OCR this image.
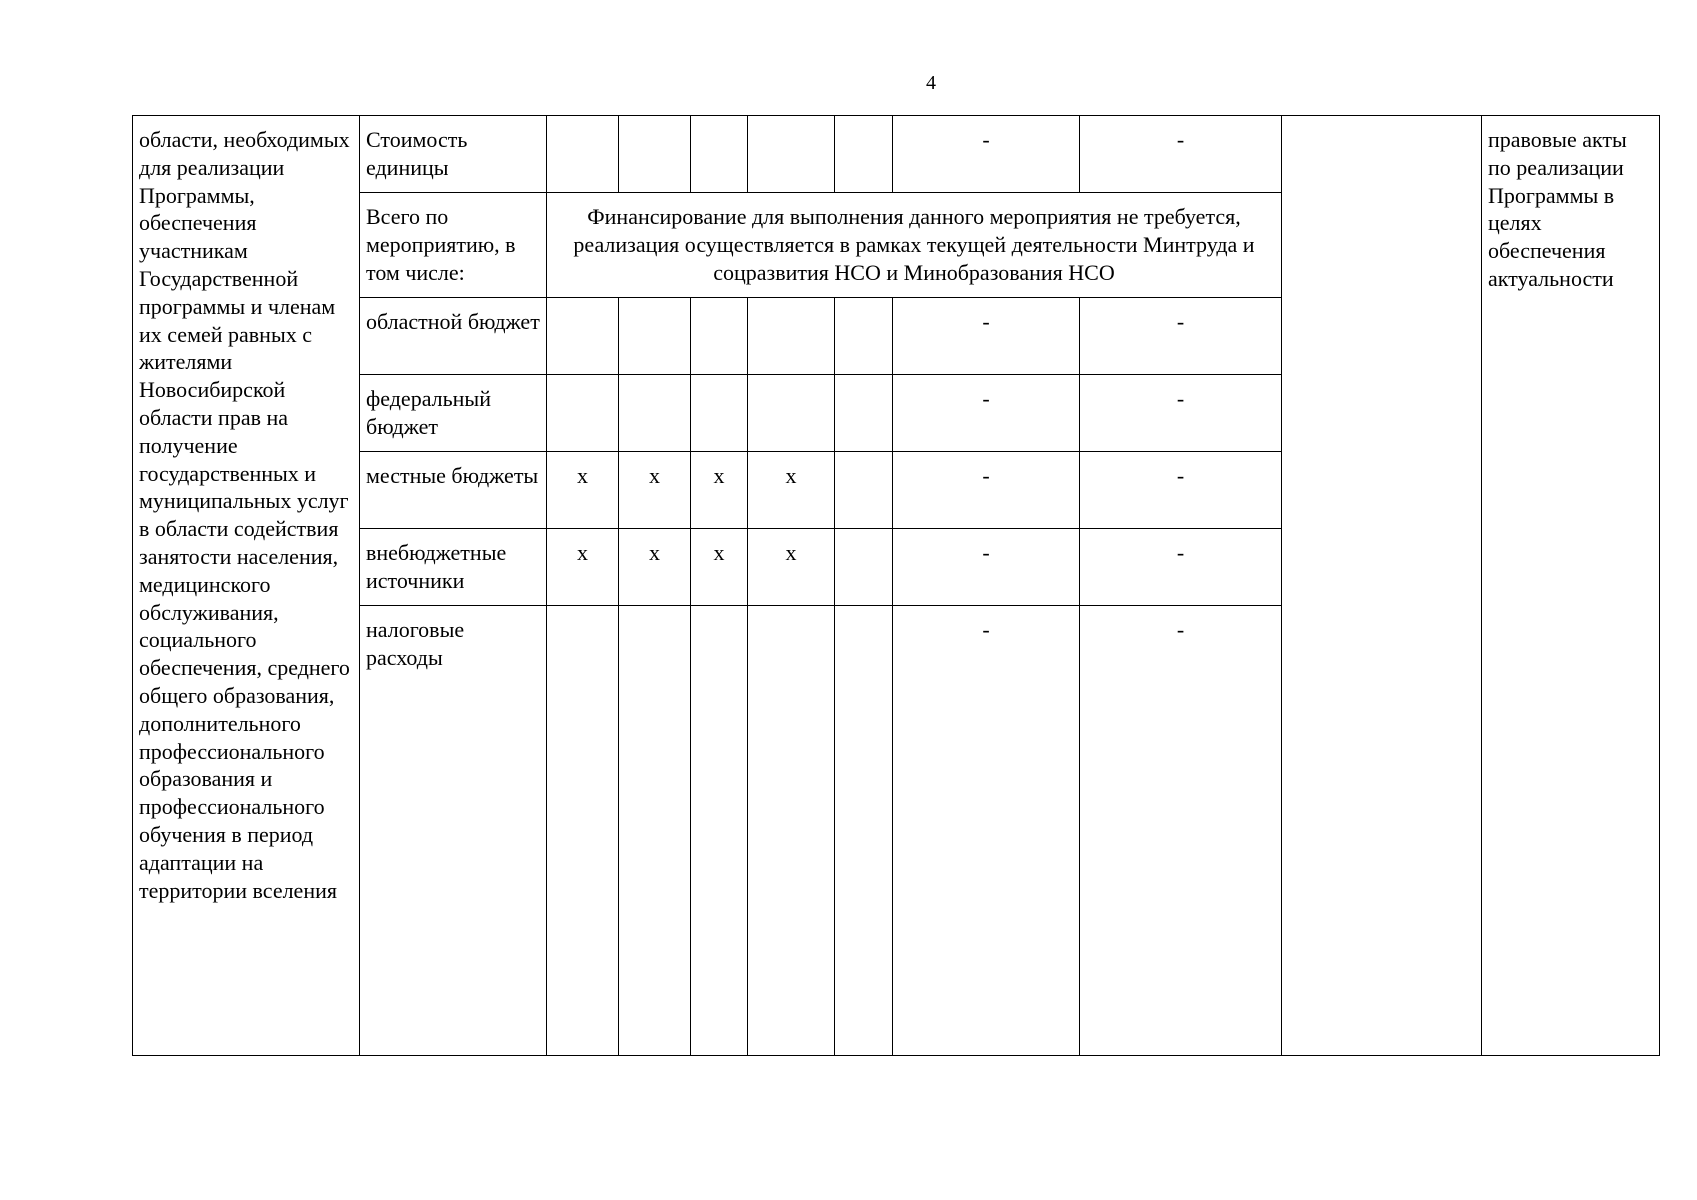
4
области, необходимых для реализации Программы, обеспечения участникам Государственной программы и членам их семей равных с жителями Новосибирской области прав на получение государственных и муниципальных услуг в области содействия занятости населения, медицинского обслуживания, социального обеспечения, среднего общего образования, дополнительного профессионального образования и профессионального обучения в период адаптации на территории вселения	Стоимость единицы						-	-		правовые акты по реализации Программы в целях обеспечения актуальности

	Всего по мероприятию, в том числе:	Финансирование для выполнения данного мероприятия не требуется, реализация осуществляется в рамках текущей деятельности Минтруда и соцразвития НСО и Минобразования НСО								

	областной бюджет						-	-		

	федеральный бюджет						-	-		

	местные бюджеты	х	х	х	х		-	-		

	внебюджетные источники	х	х	х	х		-	-		

	налоговые расходы						-	-		
